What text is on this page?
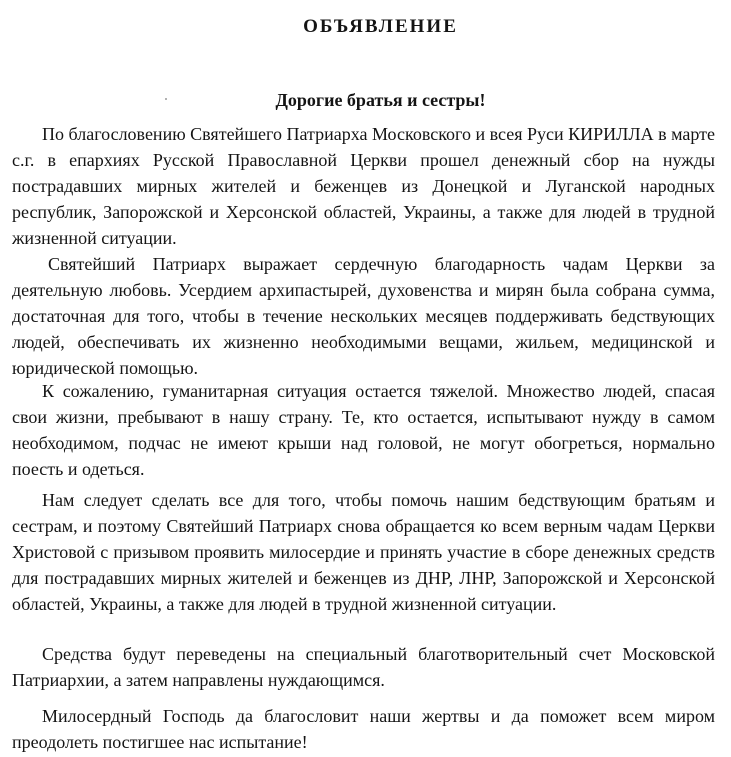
ОБЪЯВЛЕНИЕ
Дорогие братья и сестры!

По благословению Святейшего Патриарха Московского и всея Руси КИРИЛЛА в марте с.г. в епархиях Русской Православной Церкви прошел денежный сбор на нужды пострадавших мирных жителей и беженцев из Донецкой и Луганской народных республик, Запорожской и Херсонской областей, Украины, а также для людей в трудной жизненной ситуации.

Святейший Патриарх выражает сердечную благодарность чадам Церкви за деятельную любовь. Усердием архипастырей, духовенства и мирян была собрана сумма, достаточная для того, чтобы в течение нескольких месяцев поддерживать бедствующих людей, обеспечивать их жизненно необходимыми вещами, жильем, медицинской и юридической помощью.

К сожалению, гуманитарная ситуация остается тяжелой. Множество людей, спасая свои жизни, пребывают в нашу страну. Те, кто остается, испытывают нужду в самом необходимом, подчас не имеют крыши над головой, не могут обогреться, нормально поесть и одеться.

Нам следует сделать все для того, чтобы помочь нашим бедствующим братьям и сестрам, и поэтому Святейший Патриарх снова обращается ко всем верным чадам Церкви Христовой с призывом проявить милосердие и принять участие в сборе денежных средств для пострадавших мирных жителей и беженцев из ДНР, ЛНР, Запорожской и Херсонской областей, Украины, а также для людей в трудной жизненной ситуации.

Средства будут переведены на специальный благотворительный счет Московской Патриархии, а затем направлены нуждающимся.

Милосердный Господь да благословит наши жертвы и да поможет всем миром преодолеть постигшее нас испытание!
